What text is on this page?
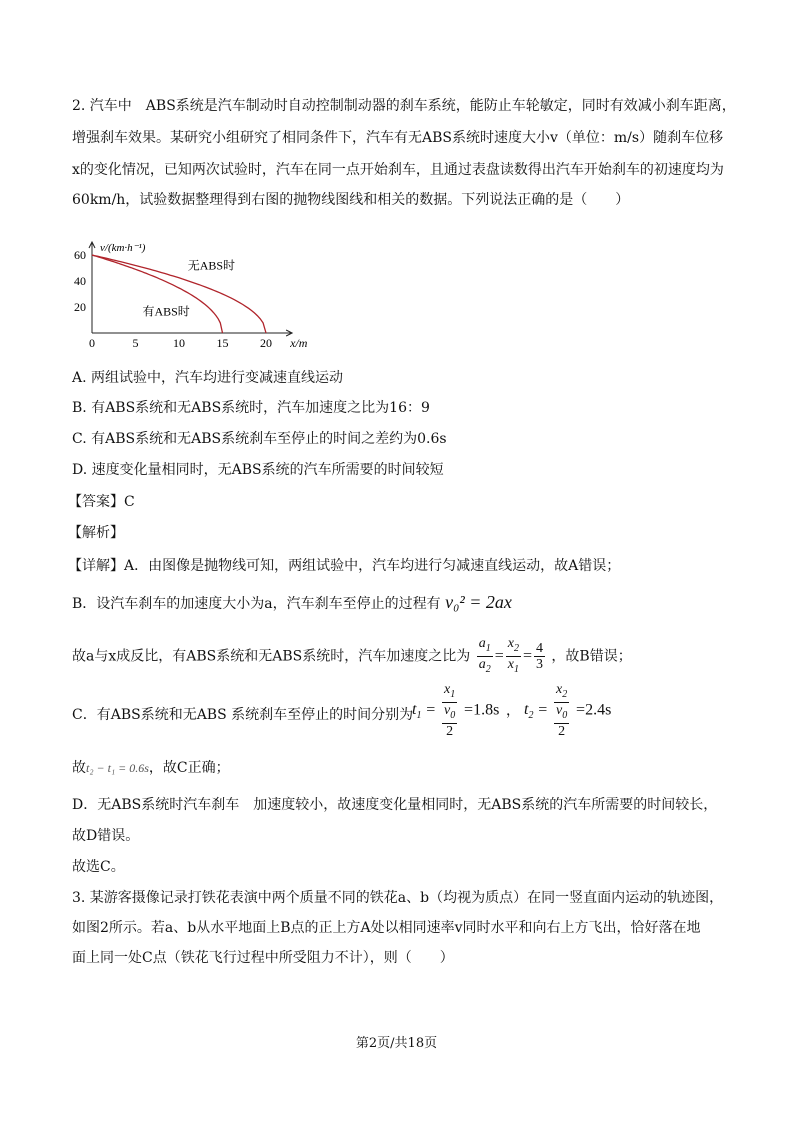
2. 汽车中　ABS系统是汽车制动时自动控制制动器的刹车系统，能防止车轮敏定，同时有效减小刹车距离，
增强刹车效果。某研究小组研究了相同条件下，汽车有无ABS系统时速度大小v（单位：m/s）随刹车位移
x的变化情况，已知两次试验时，汽车在同一点开始刹车，且通过表盘读数得出汽车开始刹车的初速度均为
60km/h，试验数据整理得到右图的抛物线图线和相关的数据。下列说法正确的是（　　）
0	5	10	15	20
60
40
20
v/(km·h⁻¹)
x/m
无ABS时
有ABS时
A. 两组试验中，汽车均进行变减速直线运动
B. 有ABS系统和无ABS系统时，汽车加速度之比为16：9
C. 有ABS系统和无ABS系统刹车至停止的时间之差约为0.6s
D. 速度变化量相同时，无ABS系统的汽车所需要的时间较短
【答案】C
【解析】
【详解】A．由图像是抛物线可知，两组试验中，汽车均进行匀减速直线运动，故A错误；
B．设汽车刹车的加速度大小为a，汽车刹车至停止的过程有 v₀² = 2ax
故a与x成反比，有ABS系统和无ABS系统时，汽车加速度之比为 $\frac{a_1}{a_2} = \frac{x_2}{x_1} = \frac{4}{3}$ ，故B错误；
C．有ABS系统和无ABS 系统刹车至停止的时间分别为
$t_1$ =
$x_1$
$v_0$
2
=1.8s ， $t_2$ =
$x_2$
$v_0$
2
=2.4s
故t₂ − t₁ = 0.6s，故C正确；
D．无ABS系统时汽车刹车　加速度较小，故速度变化量相同时，无ABS系统的汽车所需要的时间较长，
故D错误。
故选C。
3. 某游客摄像记录打铁花表演中两个质量不同的铁花a、b（均视为质点）在同一竖直面内运动的轨迹图，
如图2所示。若a、b从水平地面上B点的正上方A处以相同速率v同时水平和向右上方飞出，恰好落在地
面上同一处C点（铁花飞行过程中所受阻力不计），则（　　）
第2页/共18页
